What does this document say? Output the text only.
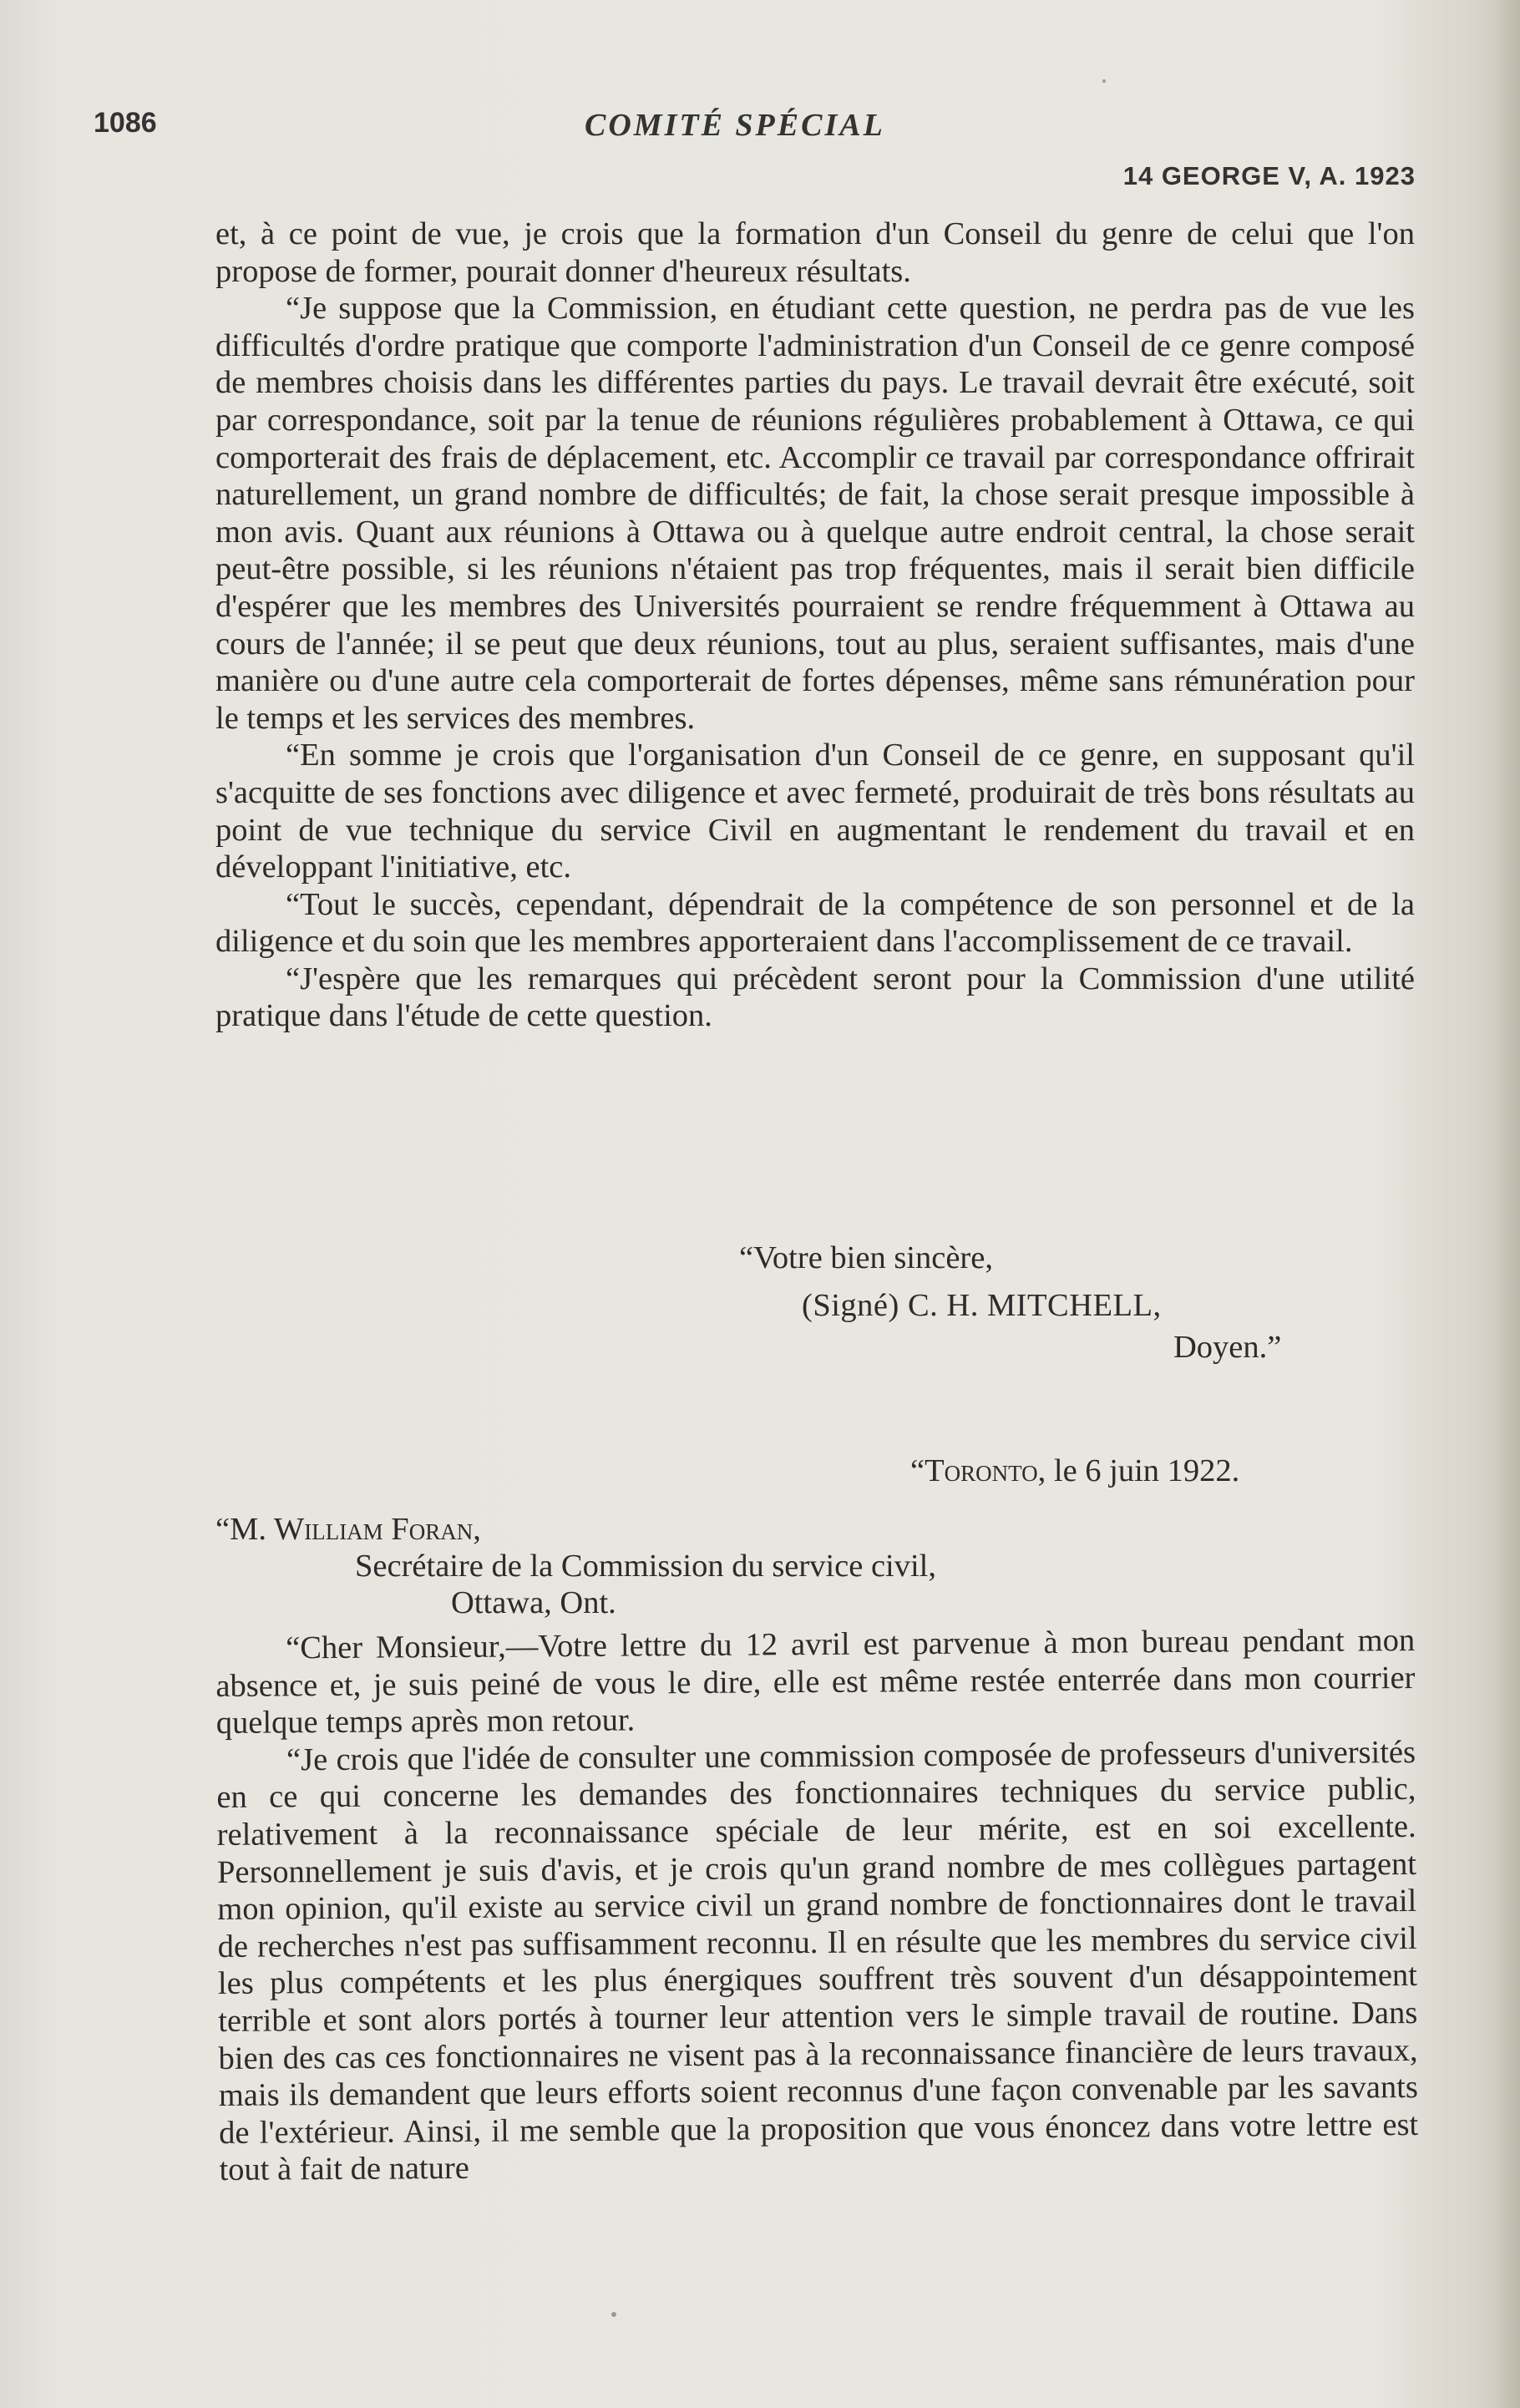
1086	COMITÉ SPÉCIAL
14 GEORGE V, A. 1923

et, à ce point de vue, je crois que la formation d'un Conseil du genre de celui que l'on propose de former, pourait donner d'heureux résultats.

“Je suppose que la Commission, en étudiant cette question, ne perdra pas de vue les difficultés d'ordre pratique que comporte l'administration d'un Conseil de ce genre composé de membres choisis dans les différentes parties du pays. Le travail devrait être exécuté, soit par correspondance, soit par la tenue de réunions régulières probablement à Ottawa, ce qui comporterait des frais de déplacement, etc. Accomplir ce travail par correspondance offrirait naturellement, un grand nombre de difficultés; de fait, la chose serait presque impossible à mon avis. Quant aux réunions à Ottawa ou à quelque autre endroit central, la chose serait peut-être possible, si les réunions n'étaient pas trop fréquentes, mais il serait bien difficile d'espérer que les membres des Universités pourraient se rendre fréquemment à Ottawa au cours de l'année; il se peut que deux réunions, tout au plus, seraient suffisantes, mais d'une manière ou d'une autre cela comporterait de fortes dépenses, même sans rémunération pour le temps et les services des membres.

“En somme je crois que l'organisation d'un Conseil de ce genre, en supposant qu'il s'acquitte de ses fonctions avec diligence et avec fermeté, produirait de très bons résultats au point de vue technique du service Civil en augmentant le rendement du travail et en développant l'initiative, etc.

“Tout le succès, cependant, dépendrait de la compétence de son personnel et de la diligence et du soin que les membres apporteraient dans l'accomplissement de ce travail.

“J'espère que les remarques qui précèdent seront pour la Commission d'une utilité pratique dans l'étude de cette question.

“Votre bien sincère,
(Signé) C. H. MITCHELL,
Doyen.”
“Toronto, le 6 juin 1922.
“M. William Foran,
Secrétaire de la Commission du service civil,
Ottawa, Ont.

“Cher Monsieur,—Votre lettre du 12 avril est parvenue à mon bureau pendant mon absence et, je suis peiné de vous le dire, elle est même restée enterrée dans mon courrier quelque temps après mon retour.

“Je crois que l'idée de consulter une commission composée de professeurs d'universités en ce qui concerne les demandes des fonctionnaires techniques du service public, relativement à la reconnaissance spéciale de leur mérite, est en soi excellente. Personnellement je suis d'avis, et je crois qu'un grand nombre de mes collègues partagent mon opinion, qu'il existe au service civil un grand nombre de fonctionnaires dont le travail de recherches n'est pas suffisamment reconnu. Il en résulte que les membres du service civil les plus compétents et les plus énergiques souffrent très souvent d'un désappointement terrible et sont alors portés à tourner leur attention vers le simple travail de routine. Dans bien des cas ces fonctionnaires ne visent pas à la reconnaissance financière de leurs travaux, mais ils demandent que leurs efforts soient reconnus d'une façon convenable par les savants de l'extérieur. Ainsi, il me semble que la proposition que vous énoncez dans votre lettre est tout à fait de nature
